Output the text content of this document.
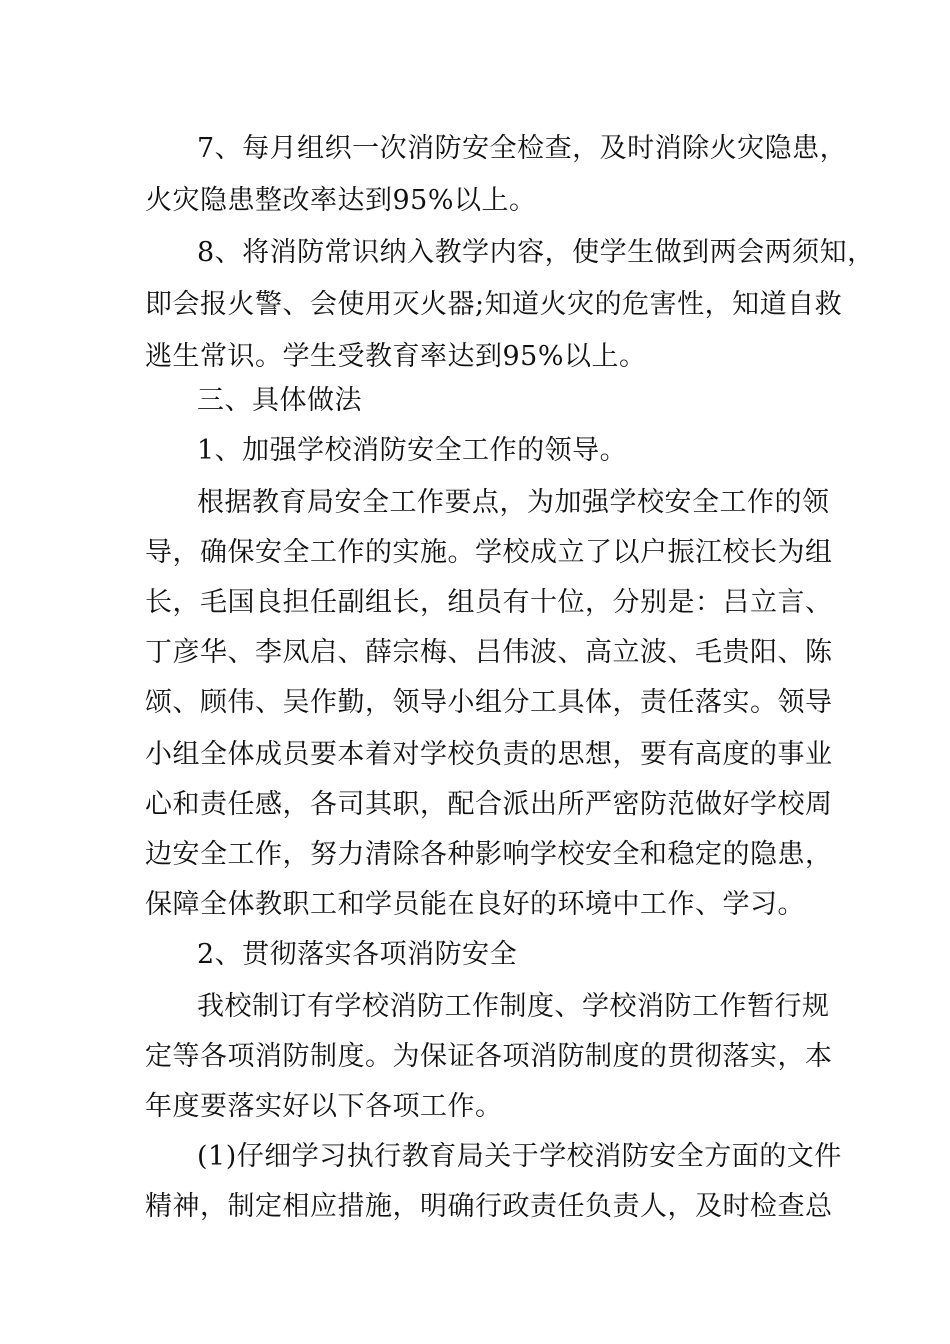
7、每月组织一次消防安全检查，及时消除火灾隐患，
火灾隐患整改率达到95%以上。
8、将消防常识纳入教学内容，使学生做到两会两须知，
即会报火警、会使用灭火器;知道火灾的危害性，知道自救
逃生常识。学生受教育率达到95%以上。
三、具体做法
1、加强学校消防安全工作的领导。
根据教育局安全工作要点，为加强学校安全工作的领
导，确保安全工作的实施。学校成立了以户振江校长为组
长，毛国良担任副组长，组员有十位，分别是：吕立言、
丁彦华、李凤启、薛宗梅、吕伟波、高立波、毛贵阳、陈
颂、顾伟、吴作勤，领导小组分工具体，责任落实。领导
小组全体成员要本着对学校负责的思想，要有高度的事业
心和责任感，各司其职，配合派出所严密防范做好学校周
边安全工作，努力清除各种影响学校安全和稳定的隐患，
保障全体教职工和学员能在良好的环境中工作、学习。
2、贯彻落实各项消防安全
我校制订有学校消防工作制度、学校消防工作暂行规
定等各项消防制度。为保证各项消防制度的贯彻落实，本
年度要落实好以下各项工作。
(1)仔细学习执行教育局关于学校消防安全方面的文件
精神，制定相应措施，明确行政责任负责人，及时检查总
